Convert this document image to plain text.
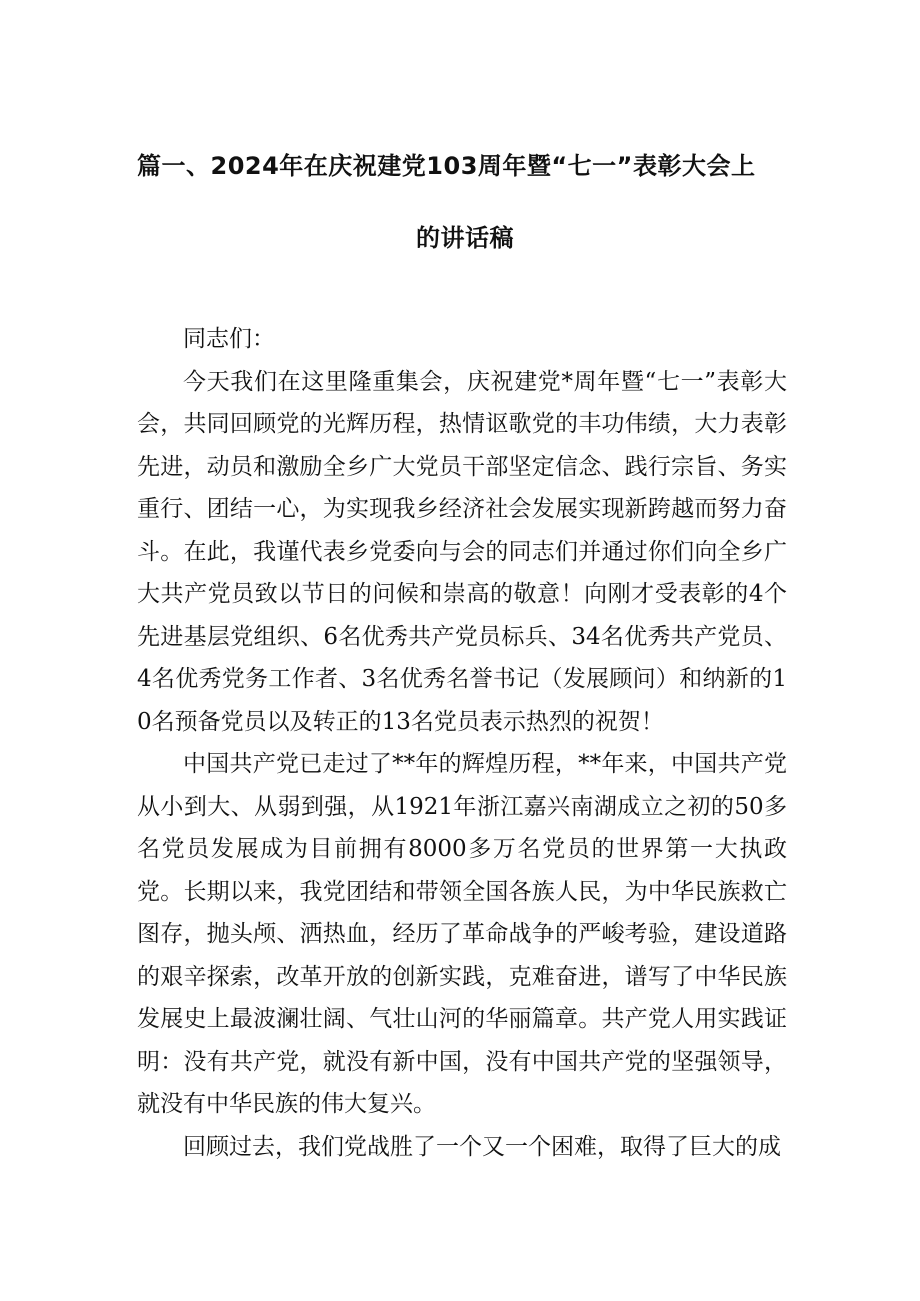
篇一、2024年在庆祝建党103周年暨“七一”表彰大会上
的讲话稿

同志们：

今天我们在这里隆重集会，庆祝建党*周年暨“七一”表彰大会，共同回顾党的光辉历程，热情讴歌党的丰功伟绩，大力表彰先进，动员和激励全乡广大党员干部坚定信念、践行宗旨、务实重行、团结一心，为实现我乡经济社会发展实现新跨越而努力奋斗。在此，我谨代表乡党委向与会的同志们并通过你们向全乡广大共产党员致以节日的问候和崇高的敬意！向刚才受表彰的4个先进基层党组织、6名优秀共产党员标兵、34名优秀共产党员、4名优秀党务工作者、3名优秀名誉书记（发展顾问）和纳新的10名预备党员以及转正的13名党员表示热烈的祝贺！

中国共产党已走过了**年的辉煌历程，**年来，中国共产党从小到大、从弱到强，从1921年浙江嘉兴南湖成立之初的50多名党员发展成为目前拥有8000多万名党员的世界第一大执政党。长期以来，我党团结和带领全国各族人民，为中华民族救亡图存，抛头颅、洒热血，经历了革命战争的严峻考验，建设道路的艰辛探索，改革开放的创新实践，克难奋进，谱写了中华民族发展史上最波澜壮阔、气壮山河的华丽篇章。共产党人用实践证明：没有共产党，就没有新中国，没有中国共产党的坚强领导，就没有中华民族的伟大复兴。

回顾过去，我们党战胜了一个又一个困难，取得了巨大的成
